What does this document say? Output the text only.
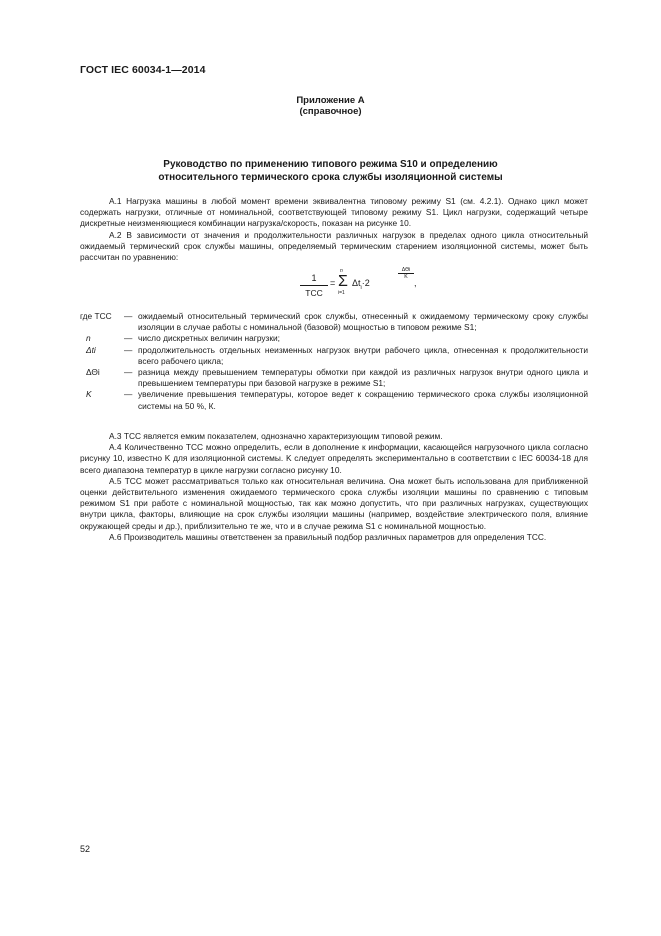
ГОСТ IEC 60034-1—2014
Приложение А
(справочное)
Руководство по применению типового режима S10 и определению
относительного термического срока службы изоляционной системы

А.1 Нагрузка машины в любой момент времени эквивалентна типовому режиму S1 (см. 4.2.1). Однако цикл может содержать нагрузки, отличные от номинальной, соответствующей типовому режиму S1. Цикл нагрузки, содержащий четыре дискретные неизменяющиеся комбинации нагрузка/скорость, показан на рисунке 10.

А.2 В зависимости от значения и продолжительности различных нагрузок в пределах одного цикла относительный ожидаемый термический срок службы машины, определяемый термическим старением изоляционной системы, может быть рассчитан по уравнению:

1
ТСС
=
n
Σ
i=1
$\Delta t_i\cdot 2$
ΔΘi
K
,
где ТСС	— ожидаемый относительный термический срок службы, отнесенный к ожидаемому термическому сроку службы изоляции в случае работы с номинальной (базовой) мощностью в типовом режиме S1;
n	— число дискретных величин нагрузки;
Δti	— продолжительность отдельных неизменных нагрузок внутри рабочего цикла, отнесенная к продолжительности всего рабочего цикла;
ΔΘi	— разница между превышением температуры обмотки при каждой из различных нагрузок внутри одного цикла и превышением температуры при базовой нагрузке в режиме S1;
K	— увеличение превышения температуры, которое ведет к сокращению термического срока службы изоляционной системы на 50 %, К.

А.3 ТСС является емким показателем, однозначно характеризующим типовой режим.

А.4 Количественно ТСС можно определить, если в дополнение к информации, касающейся нагрузочного цикла согласно рисунку 10, известно K для изоляционной системы. K следует определять экспериментально в соответствии с IEC 60034-18 для всего диапазона температур в цикле нагрузки согласно рисунку 10.

А.5 ТСС может рассматриваться только как относительная величина. Она может быть использована для приближенной оценки действительного изменения ожидаемого термического срока службы изоляции машины по сравнению с типовым режимом S1 при работе с номинальной мощностью, так как можно допустить, что при различных нагрузках, существующих внутри цикла, факторы, влияющие на срок службы изоляции машины (например, воздействие электрического поля, влияние окружающей среды и др.), приблизительно те же, что и в случае режима S1 с номинальной мощностью.

А.6 Производитель машины ответственен за правильный подбор различных параметров для определения ТСС.

52
